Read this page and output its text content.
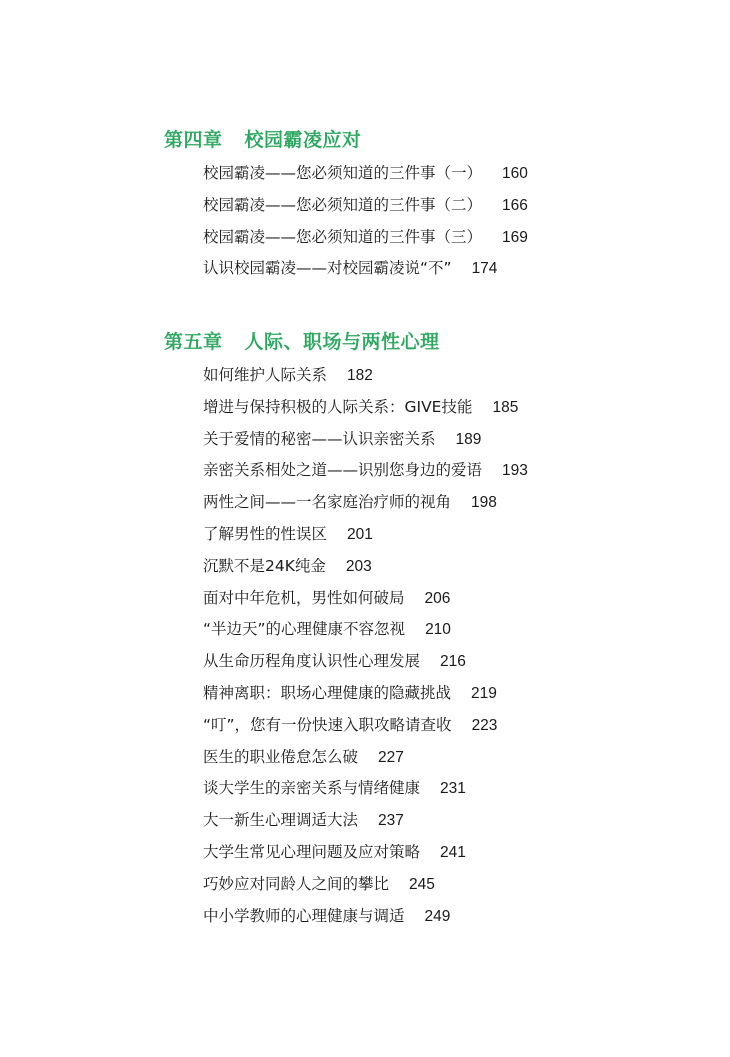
第四章 校园霸凌应对
校园霸凌——您必须知道的三件事（一） 160
校园霸凌——您必须知道的三件事（二） 166
校园霸凌——您必须知道的三件事（三） 169
认识校园霸凌——对校园霸凌说“不” 174
第五章 人际、职场与两性心理
如何维护人际关系 182
增进与保持积极的人际关系：GIVE技能 185
关于爱情的秘密——认识亲密关系 189
亲密关系相处之道——识别您身边的爱语 193
两性之间——一名家庭治疗师的视角 198
了解男性的性误区 201
沉默不是24K纯金 203
面对中年危机，男性如何破局 206
“半边天”的心理健康不容忽视 210
从生命历程角度认识性心理发展 216
精神离职：职场心理健康的隐藏挑战 219
“叮”，您有一份快速入职攻略请查收 223
医生的职业倦怠怎么破 227
谈大学生的亲密关系与情绪健康 231
大一新生心理调适大法 237
大学生常见心理问题及应对策略 241
巧妙应对同龄人之间的攀比 245
中小学教师的心理健康与调适 249
